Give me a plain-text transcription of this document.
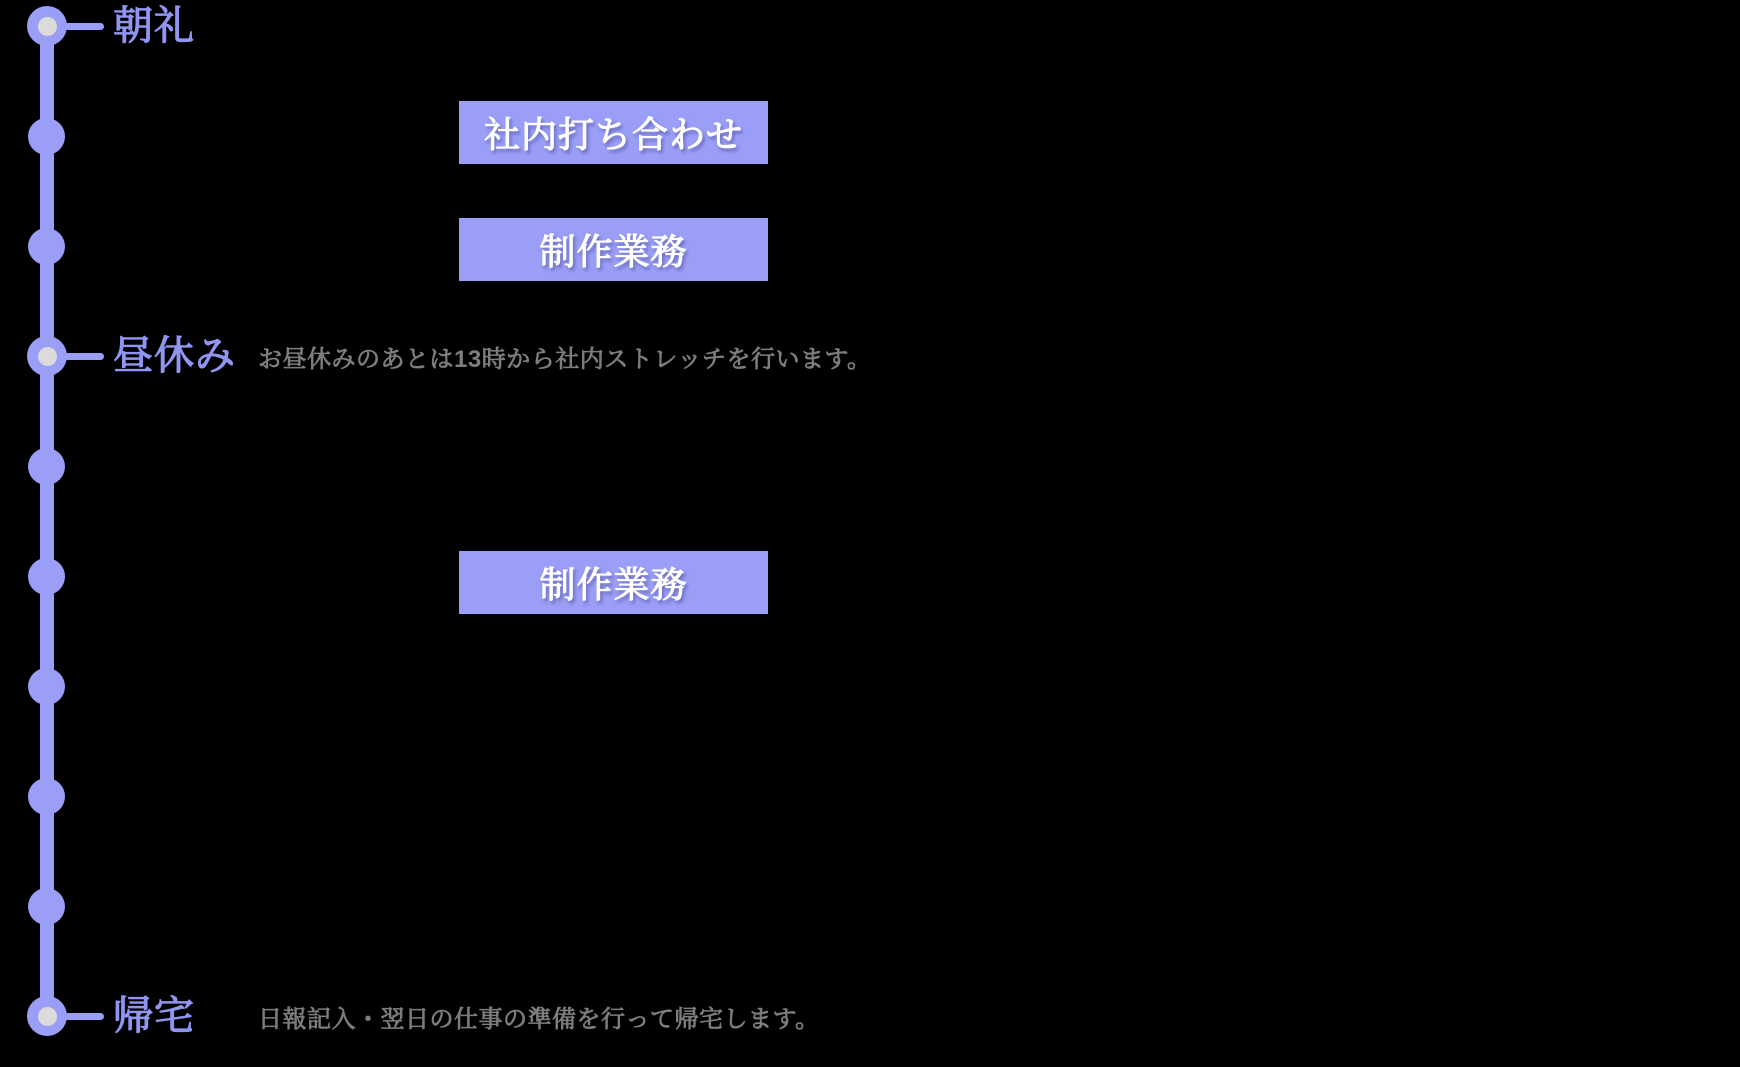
朝礼
社内打ち合わせ
制作業務
昼休み お昼休みのあとは13時から社内ストレッチを行います。
制作業務
帰宅	日報記入・翌日の仕事の準備を行って帰宅します。
